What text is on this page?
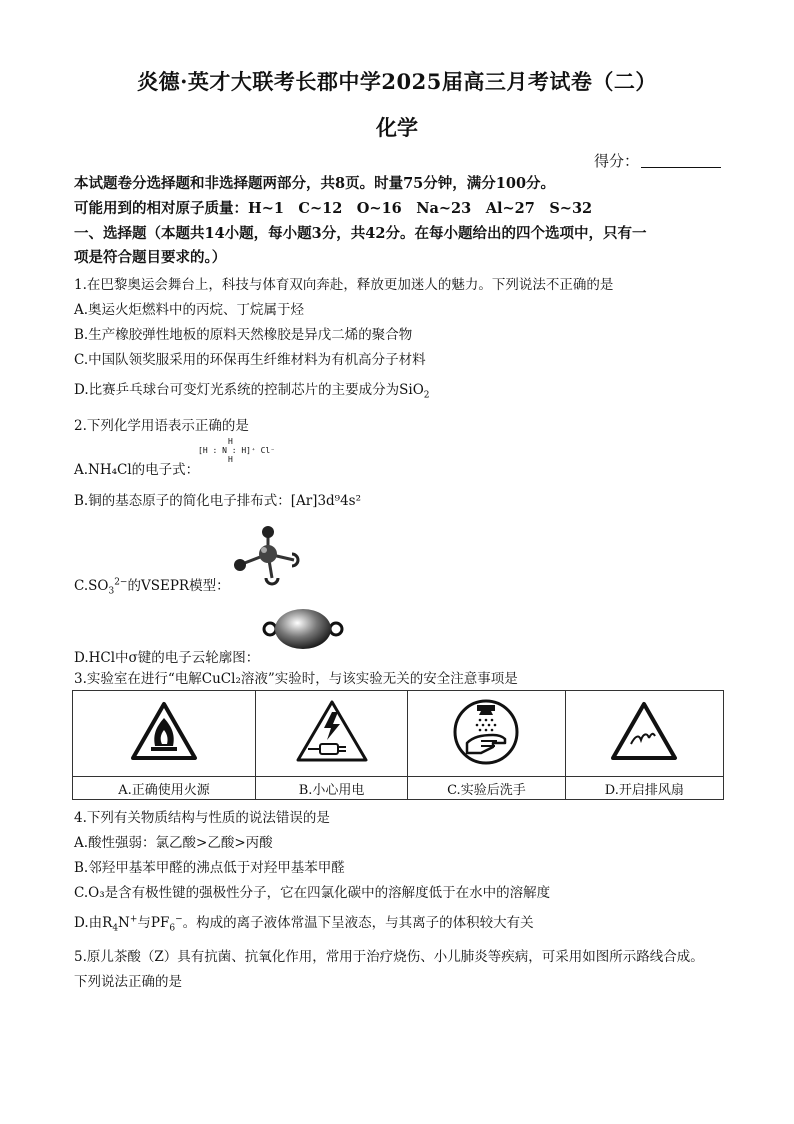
炎德·英才大联考长郡中学2025届高三月考试卷（二）
化学
得分：
本试题卷分选择题和非选择题两部分，共8页。时量75分钟，满分100分。
可能用到的相对原子质量：H~1　C~12　O~16　Na~23　Al~27　S~32
一、选择题（本题共14小题，每小题3分，共42分。在每小题给出的四个选项中，只有一
项是符合题目要求的。）
1.在巴黎奥运会舞台上，科技与体育双向奔赴，释放更加迷人的魅力。下列说法不正确的是
A.奥运火炬燃料中的丙烷、丁烷属于烃
B.生产橡胶弹性地板的原料天然橡胶是异戊二烯的聚合物
C.中国队领奖服采用的环保再生纤维材料为有机高分子材料
D.比赛乒乓球台可变灯光系统的控制芯片的主要成分为SiO$_2$
2.下列化学用语表示正确的是
A.NH₄Cl的电子式：
H
[H : N : H]⁺ Cl⁻
H
B.铜的基态原子的简化电子排布式：[Ar]3d⁹4s²
$C.SO_3^{2-}$的VSEPR模型：
D.HCl中σ键的电子云轮廓图：
3.实验室在进行“电解CuCl₂溶液”实验时，与该实验无关的安全注意事项是

A.正确使用火源	B.小心用电	C.实验后洗手	D.开启排风扇
4.下列有关物质结构与性质的说法错误的是
A.酸性强弱：氯乙酸>乙酸>丙酸
B.邻羟甲基苯甲醛的沸点低于对羟甲基苯甲醛
C.O₃是含有极性键的强极性分子，它在四氯化碳中的溶解度低于在水中的溶解度
D.由$R_4N^+$与$PF_6^-$。构成的离子液体常温下呈液态，与其离子的体积较大有关
5.原儿茶酸（Z）具有抗菌、抗氧化作用，常用于治疗烧伤、小儿肺炎等疾病，可采用如图所示路线合成。
下列说法正确的是
